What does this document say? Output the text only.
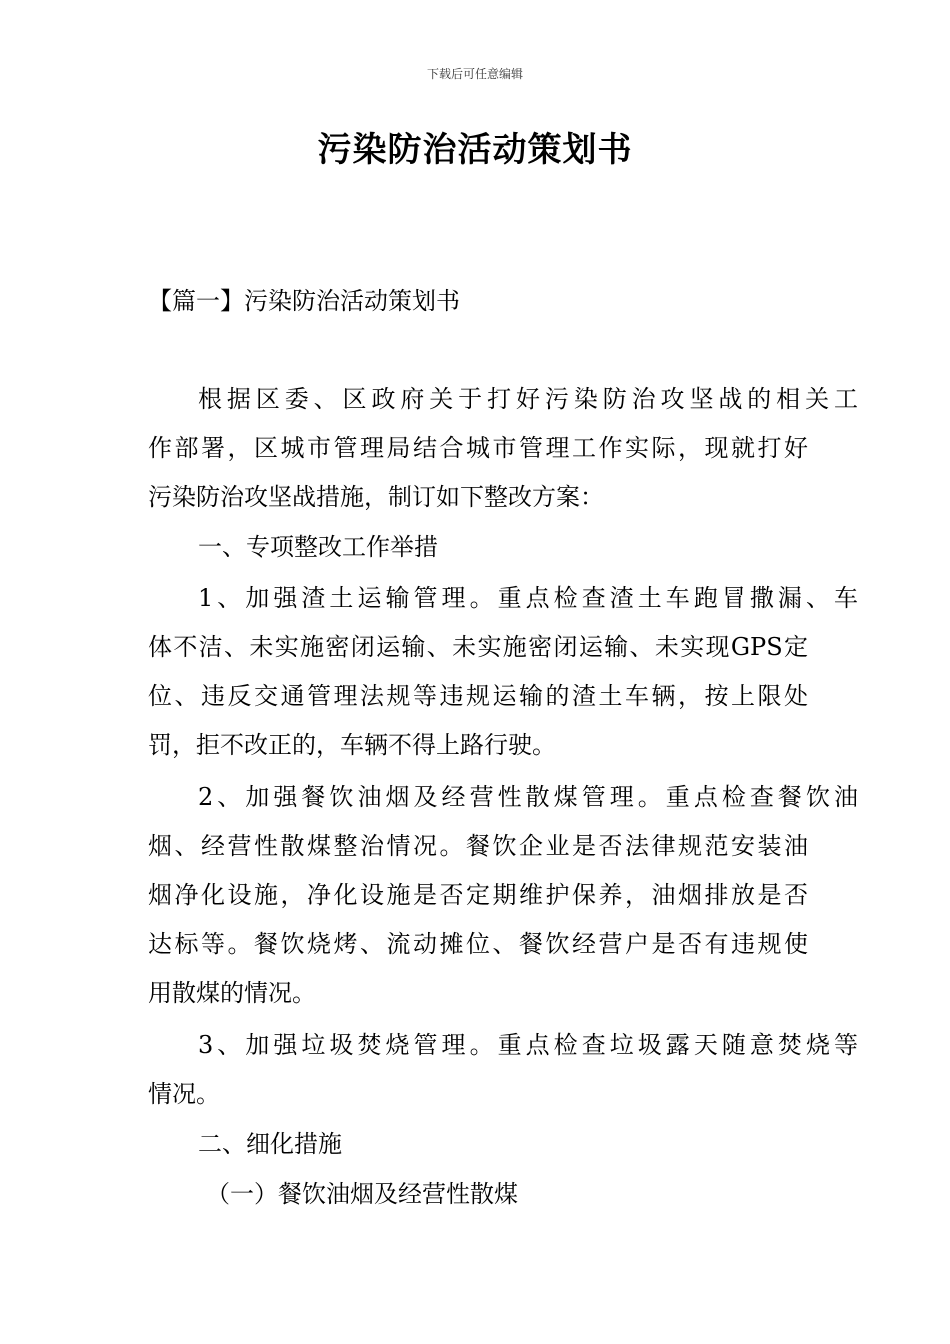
下载后可任意编辑
污染防治活动策划书

【篇一】污染防治活动策划书

根据区委、区政府关于打好污染防治攻坚战的相关工

作部署，区城市管理局结合城市管理工作实际，现就打好

污染防治攻坚战措施，制订如下整改方案：

一、专项整改工作举措

1、加强渣土运输管理。重点检查渣土车跑冒撒漏、车

体不洁、未实施密闭运输、未实施密闭运输、未实现GPS定

位、违反交通管理法规等违规运输的渣土车辆，按上限处

罚，拒不改正的，车辆不得上路行驶。

2、加强餐饮油烟及经营性散煤管理。重点检查餐饮油

烟、经营性散煤整治情况。餐饮企业是否法律规范安装油

烟净化设施，净化设施是否定期维护保养，油烟排放是否

达标等。餐饮烧烤、流动摊位、餐饮经营户是否有违规使

用散煤的情况。

3、加强垃圾焚烧管理。重点检查垃圾露天随意焚烧等

情况。

二、细化措施

（一）餐饮油烟及经营性散煤
